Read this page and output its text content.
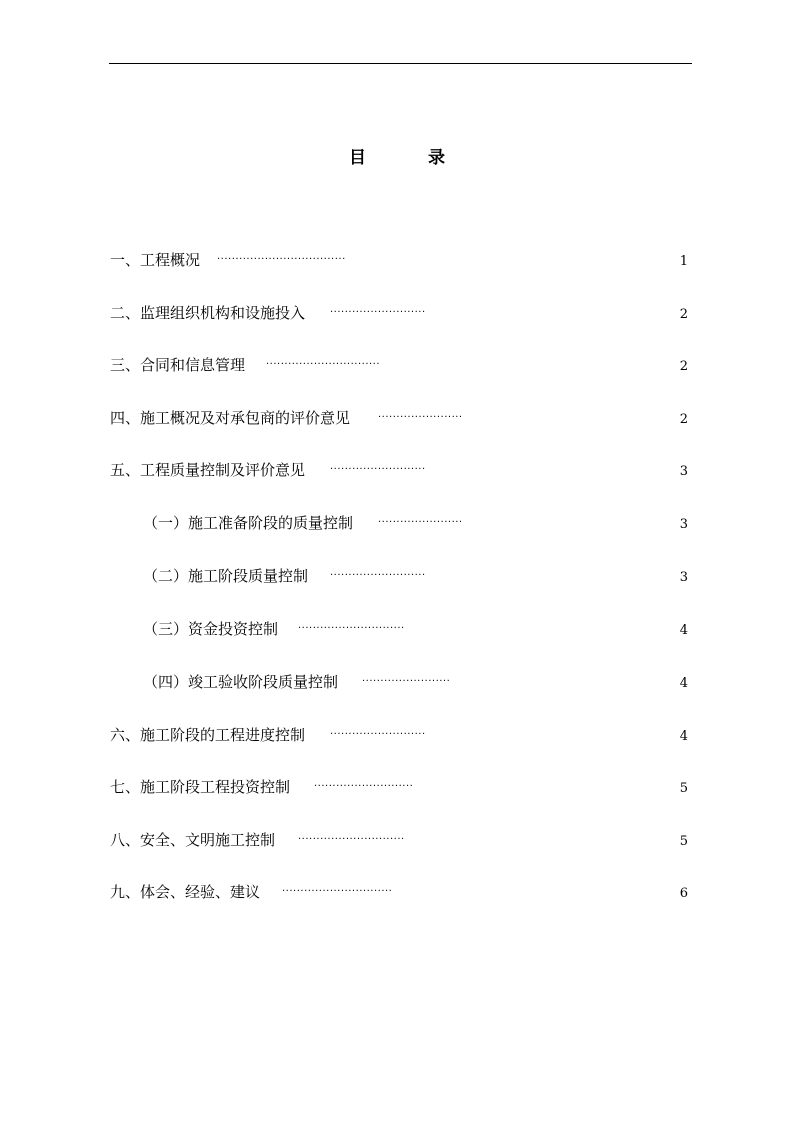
目	录
一、工程概况 ...................................	1
二、监理组织机构和设施投入 ..........................	2
三、合同和信息管理 ...............................	2
四、施工概况及对承包商的评价意见	.......................	2
五、工程质量控制及评价意见 ..........................	3
（一）施工准备阶段的质量控制 .......................	3
（二）施工阶段质量控制 ..........................	3
（三）资金投资控制 .............................	4
（四）竣工验收阶段质量控制 ........................	4
六、施工阶段的工程进度控制 ..........................	4
七、施工阶段工程投资控制 ...........................	5
八、安全、文明施工控制 .............................	5
九、体会、经验、建议 ..............................	6
